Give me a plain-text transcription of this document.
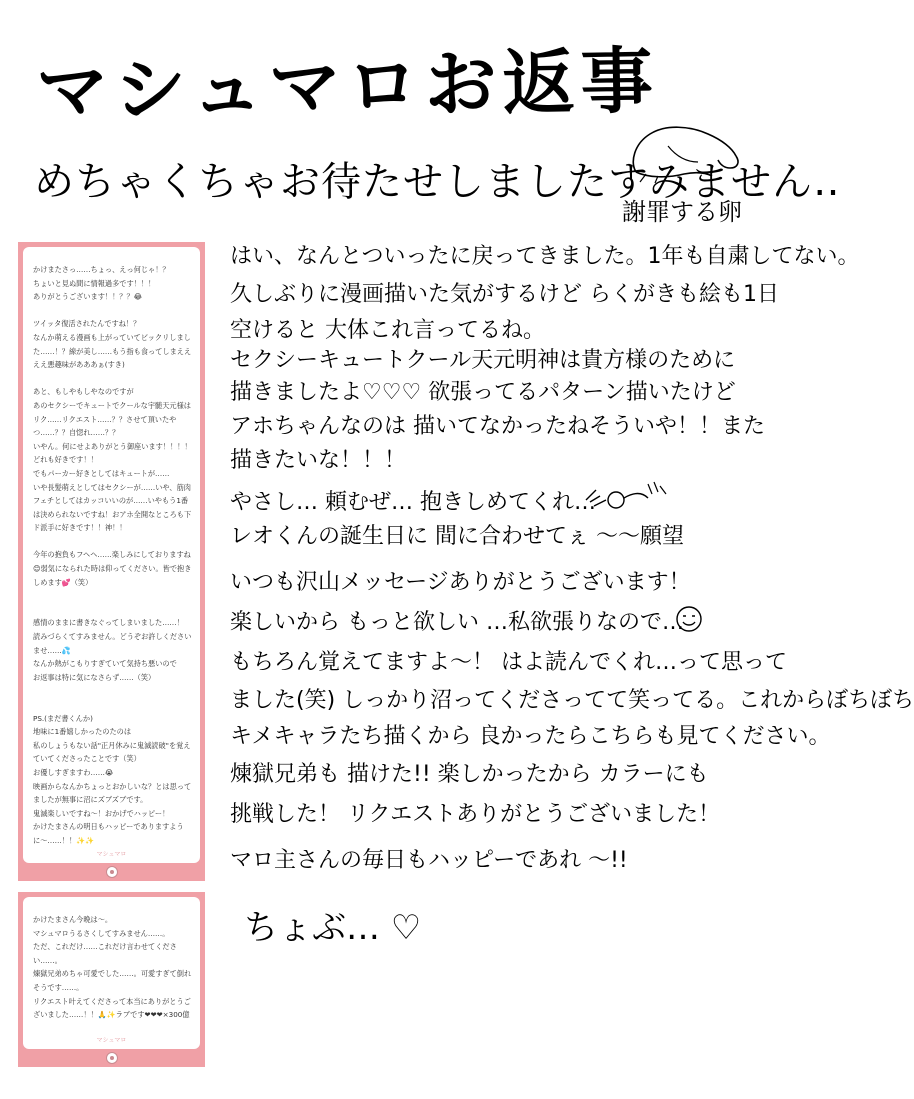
マシュマロお返事
めちゃくちゃお待たせしましたすみません‥
謝罪する卵
かけまたさっ……ちょっ、えっ何じゃ！？
ちょいと見ぬ間に情報過多です！！！
ありがとうございます！！？？😂

ツイッタ復活されたんですね！？
なんか萌える漫画も上がっていてビックリしました……！？線が美し……もう指も食ってしまええええ悪趣味があああぁ(すき)

あと、もしやもしやなのですが
あのセクシーでキュートでクールな宇髄天元様はリク……リクエスト……？？させて頂いたやつ……？？自惚れ……？？
いやん。何にせよありがとう御座います！！！！どれも好きです！！
でもパーカー好きとしてはキュートが……
いや長髪萌えとしてはセクシーが……いや、筋肉フェチとしてはカッコいいのが……いやもう1番は決められないですね！おアホ全開なところも下ド派手に好きです！！神！！

今年の抱負もフヘヘ……楽しみにしておりますね😊弱気になられた時は仰ってください。皆で抱きしめます💕（笑）

感情のままに書きなぐってしまいました……！
読みづらくてすみません。どうぞお許しくださいませ……💦
なんか熱がこもりすぎていて気持ち悪いので
お返事は特に気になさらず……（笑）

PS.(まだ書くんか)
地味に1番嬉しかったのたのは
私のしょうもない話"正月休みに鬼滅読破"を覚えていてくださったことです（笑）
お優しすぎますわ……😭
映画からなんかちょっとおかしいな？とは思ってましたが無事に沼にズブズブです。
鬼滅楽しいですね〜！おかげでハッピー！
かけたまさんの明日もハッピーでありますように〜……！！✨✨
マシュマロ
かけたまさん今晩は〜。
マシュマロうるさくしてすみません……。
ただ、これだけ……これだけ言わせてください……。
煉獄兄弟めちゃ可愛でした……。可愛すぎて倒れそうです……。
リクエスト叶えてくださって本当にありがとうございました……！！🙏✨ラブです❤❤❤×300億
マシュマロ
はい、なんとついったに戻ってきました。1年も自粛してない。
久しぶりに漫画描いた気がするけど らくがきも絵も1日
空けると 大体これ言ってるね。
セクシーキュートクール天元明神は貴方様のために
描きましたよ♡♡♡ 欲張ってるパターン描いたけど
アホちゃんなのは 描いてなかったねそういや！！また
描きたいな！！！
やさし… 頼むぜ… 抱きしめてくれ…
レオくんの誕生日に 間に合わせてぇ ～～願望
いつも沢山メッセージありがとうございます！
楽しいから もっと欲しい …私欲張りなので…
もちろん覚えてますよ～！ はよ読んでくれ…って思って
ました(笑) しっかり沼ってくださってて笑ってる。これからぼちぼち
キメキャラたち描くから 良かったらこちらも見てください。
煉獄兄弟も 描けた!! 楽しかったから カラーにも
挑戦した！ リクエストありがとうございました！
マロ主さんの毎日もハッピーであれ ～!!
ちょぶ… ♡
